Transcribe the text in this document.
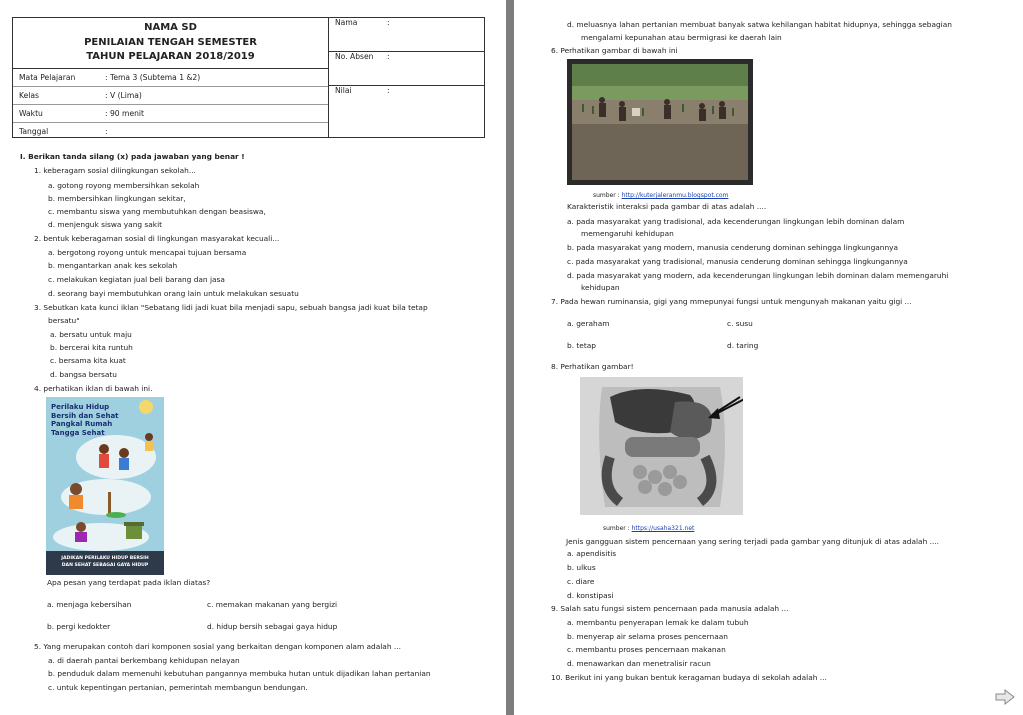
NAMA SD
PENILAIAN TENGAH SEMESTER
TAHUN PELAJARAN 2018/2019
Mata Pelajaran	: Tema 3 (Subtema 1 &2)
Kelas	: V (Lima)
Waktu	: 90 menit
Tanggal	:
Nama	:
No. Absen :
Nilai	:
I. Berikan tanda silang (x) pada jawaban yang benar !
1. keberagam sosial dilingkungan sekolah...
a. gotong royong membersihkan sekolah
b. membersihkan lingkungan sekitar,
c. membantu siswa yang membutuhkan dengan beasiswa,
d. menjenguk siswa yang sakit
2. bentuk keberagaman sosial di lingkungan masyarakat kecuali...
a. bergotong royong untuk mencapai tujuan bersama
b. mengantarkan anak kes sekolah
c. melakukan kegiatan jual beli barang dan jasa
d. seorang bayi membutuhkan orang lain untuk melakukan sesuatu
3. Sebutkan kata kunci iklan "Sebatang lidi jadi kuat bila menjadi sapu, sebuah bangsa jadi kuat bila tetap
bersatu"
a. bersatu untuk maju
b. bercerai kita runtuh
c. bersama kita kuat
d. bangsa bersatu
4. perhatikan iklan di bawah ini.
Perilaku Hidup Bersih dan Sehat Pangkal Rumah Tangga Sehat
JADIKAN PERILAKU HIDUP BERSIH
DAN SEHAT SEBAGAI GAYA HIDUP
Apa pesan yang terdapat pada iklan diatas?
a. menjaga kebersihan	c. memakan makanan yang bergizi
b. pergi kedokter	d. hidup bersih sebagai gaya hidup
5. Yang merupakan contoh dari komponen sosial yang berkaitan dengan komponen alam adalah ...
a. di daerah pantai berkembang kehidupan nelayan
b. penduduk dalam memenuhi kebutuhan pangannya membuka hutan untuk dijadikan lahan pertanian
c. untuk kepentingan pertanian, pemerintah membangun bendungan.
d. meluasnya lahan pertanian membuat banyak satwa kehilangan habitat hidupnya, sehingga sebagian
mengalami kepunahan atau bermigrasi ke daerah lain
6. Perhatikan gambar di bawah ini
sumber : http://kuterjaleranmu.blogspot.com
Karakteristik interaksi pada gambar di atas adalah ....
a. pada masyarakat yang tradisional, ada kecenderungan lingkungan lebih dominan dalam
memengaruhi kehidupan
b. pada masyarakat yang modern, manusia cenderung dominan sehingga lingkungannya
c. pada masyarakat yang tradisional, manusia cenderung dominan sehingga lingkungannya
d. pada masyarakat yang modern, ada kecenderungan lingkungan lebih dominan dalam memengaruhi
kehidupan
7. Pada hewan ruminansia, gigi yang mmepunyai fungsi untuk mengunyah makanan yaitu gigi ...
a. geraham	c. susu
b. tetap	d. taring
8. Perhatikan gambar!
sumber : https://usaha321.net
Jenis gangguan sistem pencernaan yang sering terjadi pada gambar yang ditunjuk di atas adalah ....
a. apendisitis
b. ulkus
c. diare
d. konstipasi
9. Salah satu fungsi sistem pencernaan pada manusia adalah ...
a. membantu penyerapan lemak ke dalam tubuh
b. menyerap air selama proses pencernaan
c. membantu proses pencernaan makanan
d. menawarkan dan menetralisir racun
10. Berikut ini yang bukan bentuk keragaman budaya di sekolah adalah ...
